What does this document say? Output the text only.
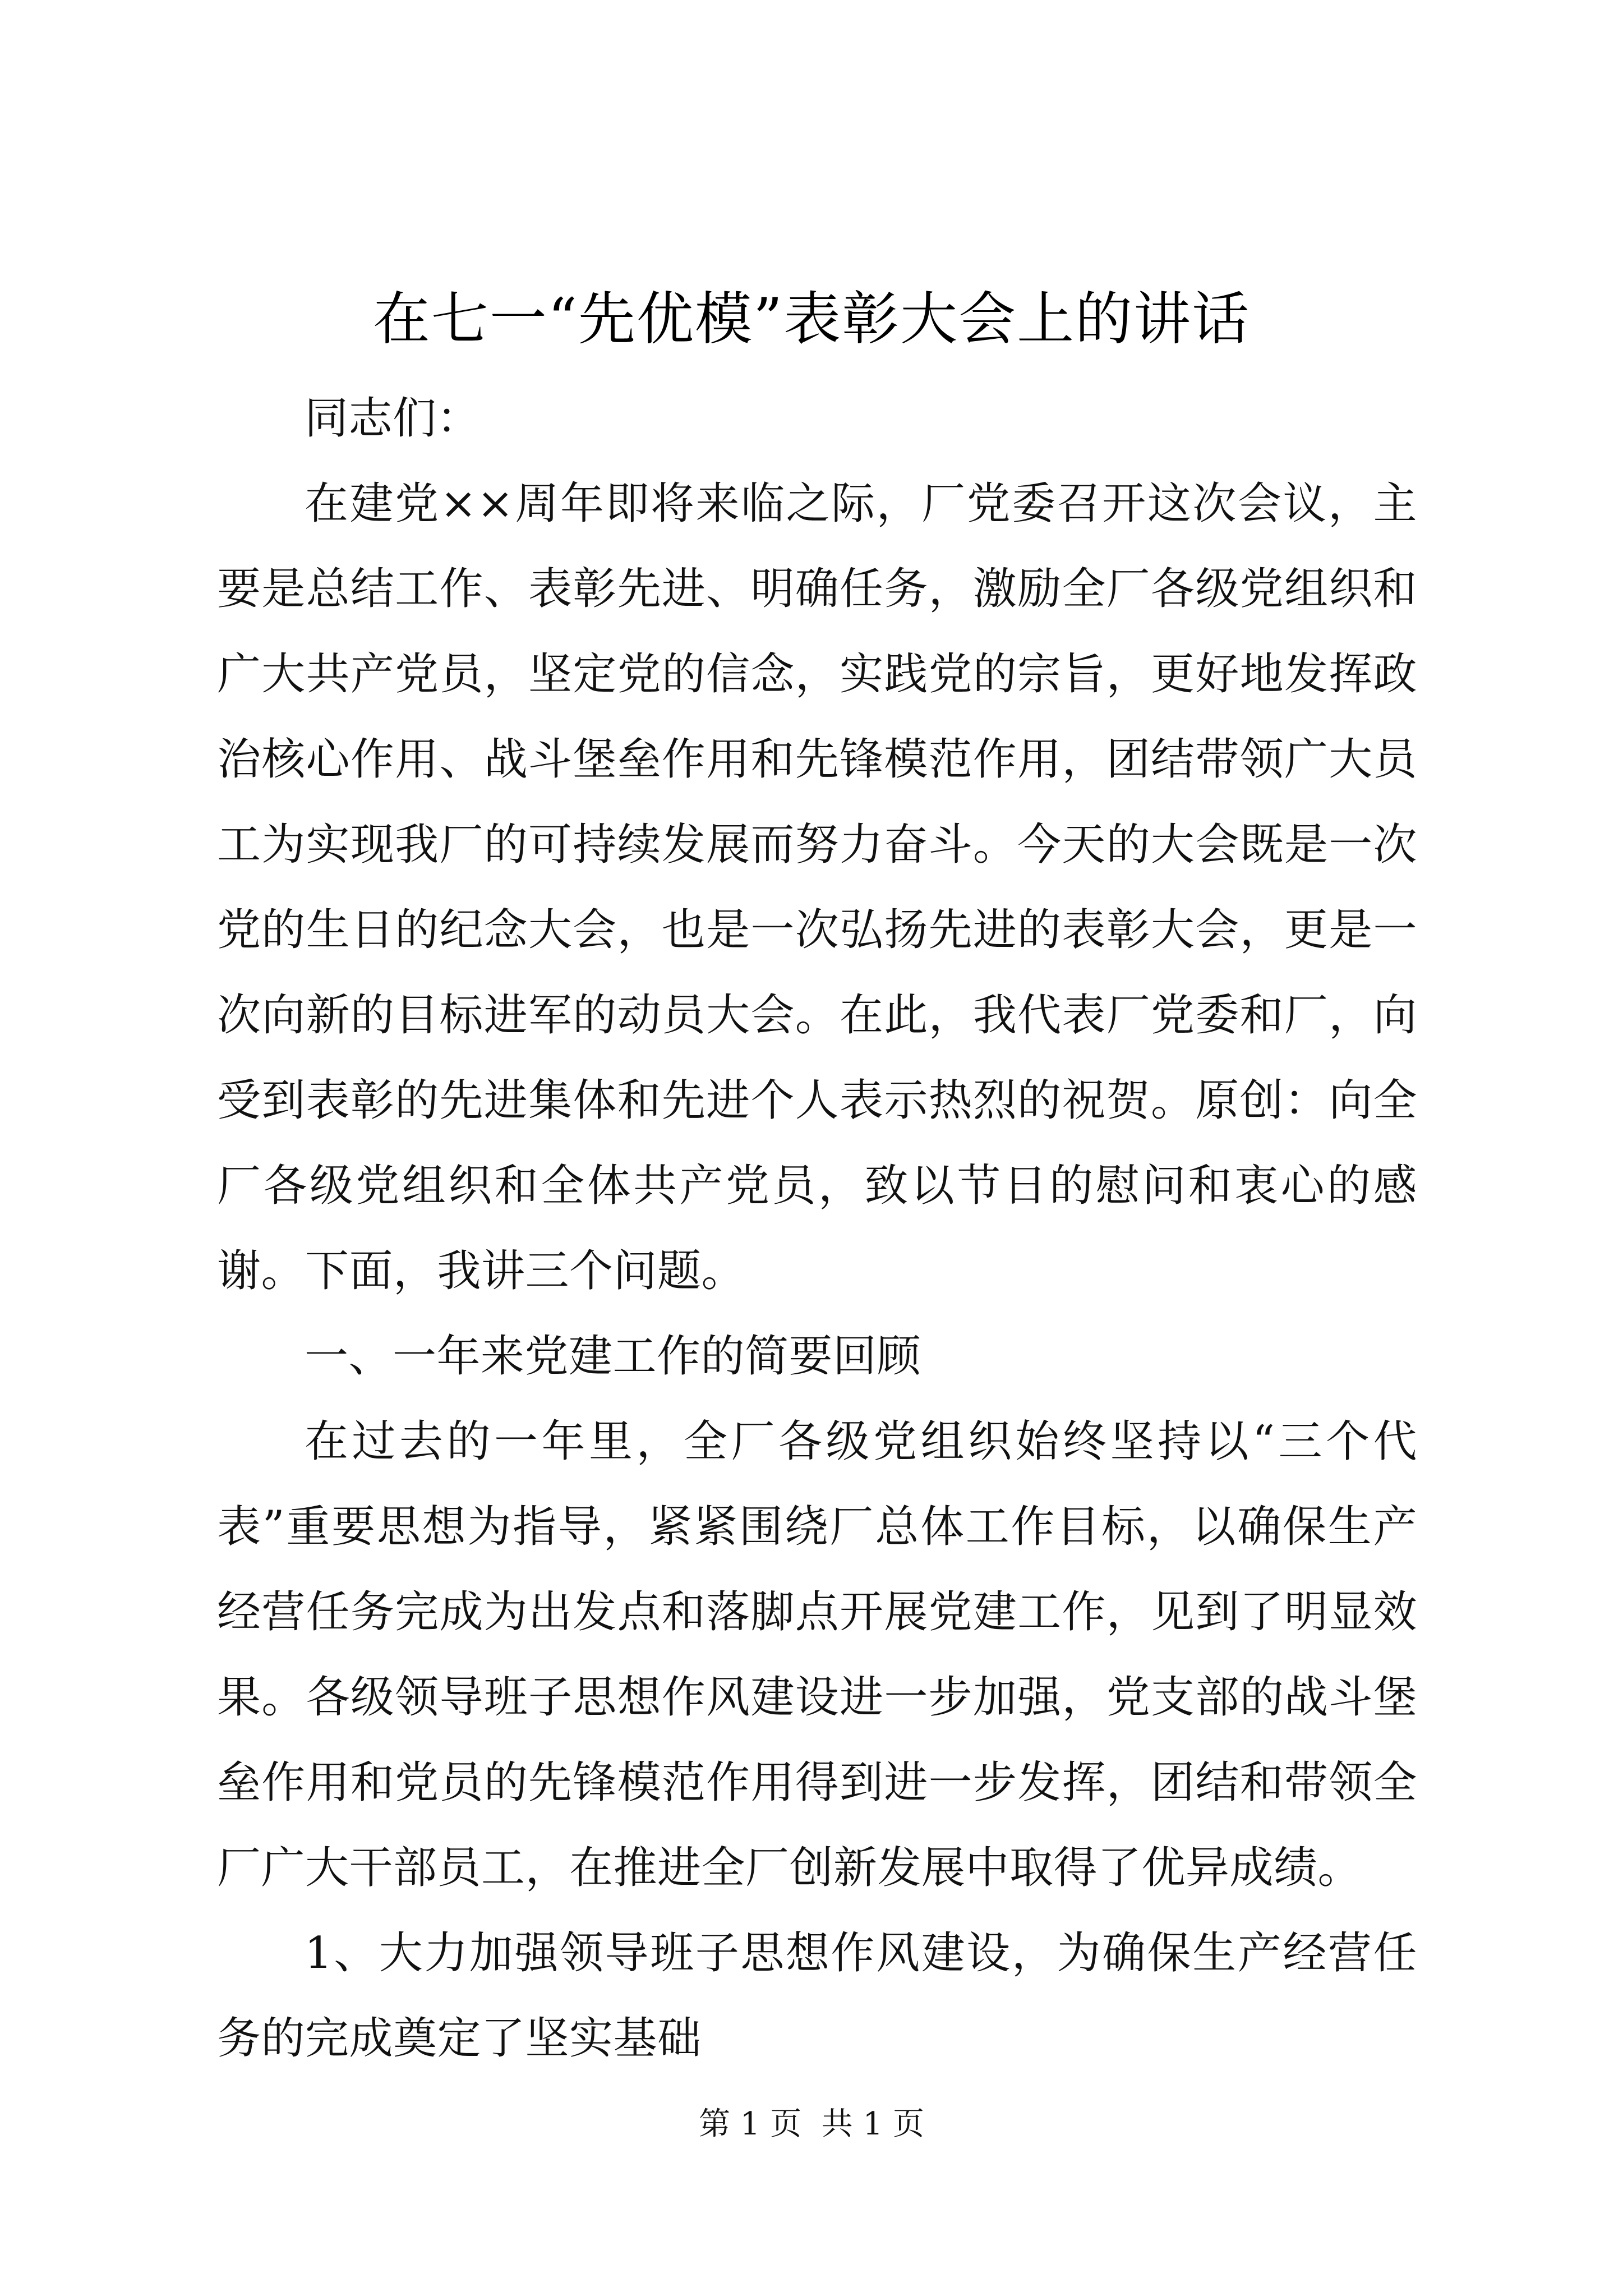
在七一“先优模”表彰大会上的讲话

同志们：

在建党××周年即将来临之际，厂党委召开这次会议，主要是总结工作、表彰先进、明确任务，激励全厂各级党组织和广大共产党员，坚定党的信念，实践党的宗旨，更好地发挥政治核心作用、战斗堡垒作用和先锋模范作用，团结带领广大员工为实现我厂的可持续发展而努力奋斗。今天的大会既是一次党的生日的纪念大会，也是一次弘扬先进的表彰大会，更是一次向新的目标进军的动员大会。在此，我代表厂党委和厂，向受到表彰的先进集体和先进个人表示热烈的祝贺。原创：向全厂各级党组织和全体共产党员，致以节日的慰问和衷心的感谢。下面，我讲三个问题。

一、一年来党建工作的简要回顾

在过去的一年里，全厂各级党组织始终坚持以“三个代表”重要思想为指导，紧紧围绕厂总体工作目标，以确保生产经营任务完成为出发点和落脚点开展党建工作，见到了明显效果。各级领导班子思想作风建设进一步加强，党支部的战斗堡垒作用和党员的先锋模范作用得到进一步发挥，团结和带领全厂广大干部员工，在推进全厂创新发展中取得了优异成绩。

1、大力加强领导班子思想作风建设，为确保生产经营任务的完成奠定了坚实基础

第 1 页  共 1 页
